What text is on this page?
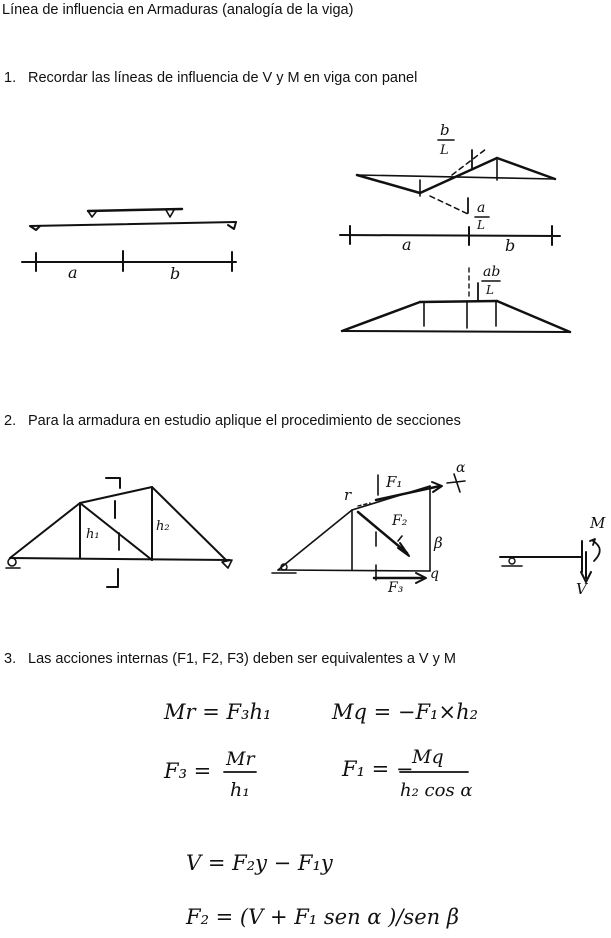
Línea de influencia en Armaduras (analogía de la viga)
1. Recordar las líneas de influencia de V y M en viga con panel
2. Para la armadura en estudio aplique el procedimiento de secciones
3. Las acciones internas (F1, F2, F3) deben ser equivalentes a V y M
a	b
b
L
a
L
a	b
ab
L
h₁
h₂
r
F₁
F₂
F₃
α
β
q
M
V
Mr = F₃h₁	Mq = −F₁×h₂
F₃ = Mr
h₁
F₁ = −
Mq
h₂ cos α
V = F₂y − F₁y
F₂ = (V + F₁ sen α )/sen β
